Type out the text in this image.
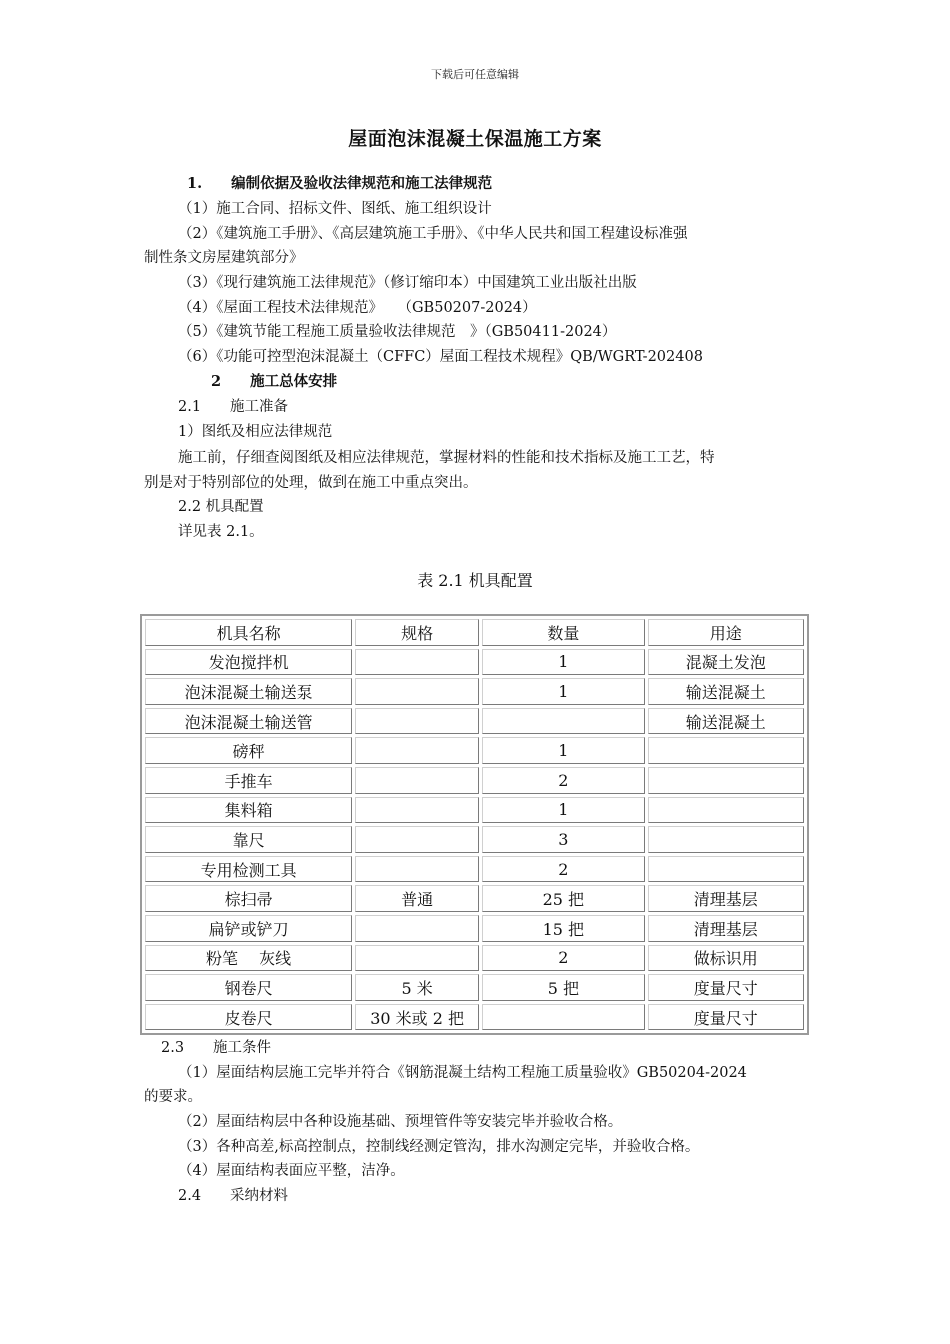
下载后可任意编辑
屋面泡沫混凝土保温施工方案
1.　　编制依据及验收法律规范和施工法律规范
（1）施工合同、招标文件、图纸、施工组织设计
（2）《建筑施工手册》、《高层建筑施工手册》、《中华人民共和国工程建设标准强
制性条文房屋建筑部分》
（3）《现行建筑施工法律规范》（修订缩印本）中国建筑工业出版社出版
（4）《屋面工程技术法律规范》　　（GB50207-2024）
（5）《建筑节能工程施工质量验收法律规范　》（GB50411-2024）
（6）《功能可控型泡沫混凝土（CFFC）屋面工程技术规程》QB/WGRT-202408
2　　施工总体安排
2.1　　施工准备
1）图纸及相应法律规范
施工前，仔细查阅图纸及相应法律规范，掌握材料的性能和技术指标及施工工艺，特
别是对于特别部位的处理，做到在施工中重点突出。
2.2 机具配置
详见表 2.1。
表 2.1 机具配置
机具名称	规格	数量	用途
发泡搅拌机		1	混凝土发泡
泡沫混凝土输送泵		1	输送混凝土
泡沫混凝土输送管			输送混凝土
磅秤		1	
手推车		2	
集料箱		1	
靠尺		3	
专用检测工具		2	
棕扫帚	普通	25 把	清理基层
扁铲或铲刀		15 把	清理基层
粉笔　 灰线		2	做标识用
钢卷尺	5 米	5 把	度量尺寸
皮卷尺	30 米或 2 把		度量尺寸
2.3　　施工条件
（1）屋面结构层施工完毕并符合《钢筋混凝土结构工程施工质量验收》GB50204-2024
的要求。
（2）屋面结构层中各种设施基础、预埋管件等安装完毕并验收合格。
（3）各种高差,标高控制点，控制线经测定管沟，排水沟测定完毕，并验收合格。
（4）屋面结构表面应平整，洁净。
2.4　　采纳材料
